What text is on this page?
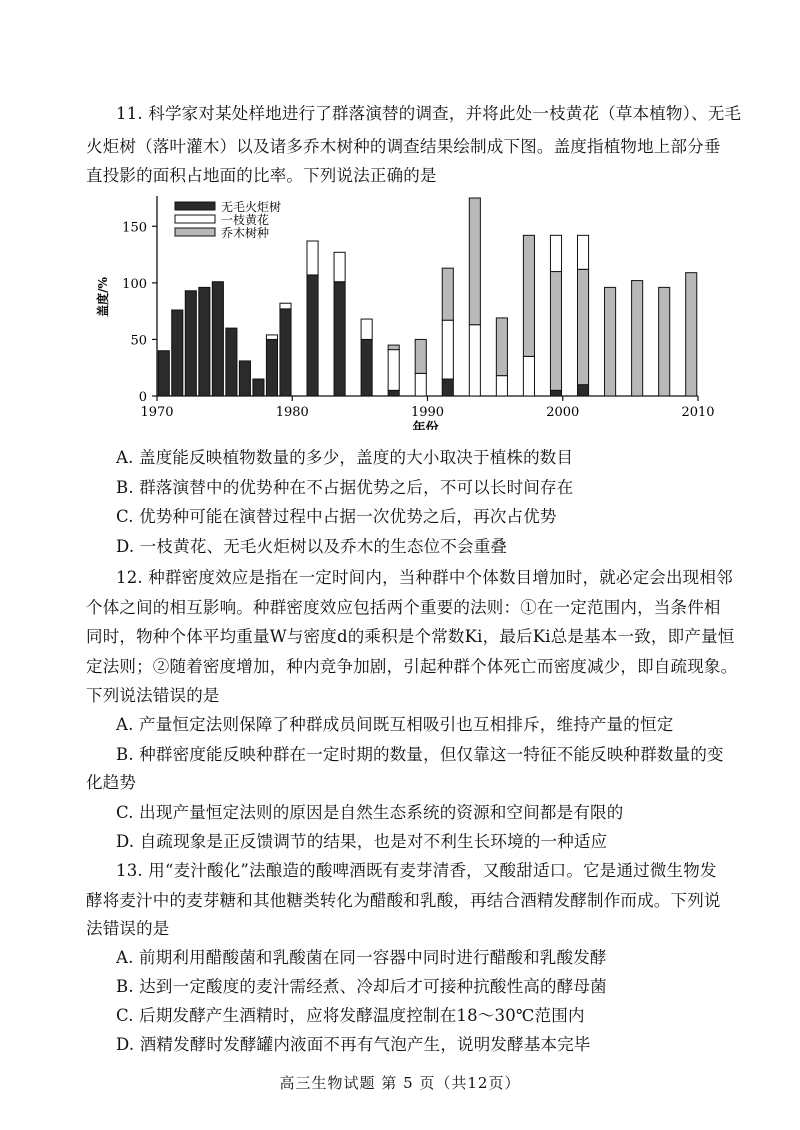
11. 科学家对某处样地进行了群落演替的调查，并将此处一枝黄花（草本植物）、无毛
火炬树（落叶灌木）以及诸多乔木树种的调查结果绘制成下图。盖度指植物地上部分垂
直投影的面积占地面的比率。下列说法正确的是
0
50
100
150
1970	1980	1990	2000	2010
年份
盖度/%
无毛火炬树
一枝黄花
乔木树种
A. 盖度能反映植物数量的多少，盖度的大小取决于植株的数目
B. 群落演替中的优势种在不占据优势之后，不可以长时间存在
C. 优势种可能在演替过程中占据一次优势之后，再次占优势
D. 一枝黄花、无毛火炬树以及乔木的生态位不会重叠
12. 种群密度效应是指在一定时间内，当种群中个体数目增加时，就必定会出现相邻
个体之间的相互影响。种群密度效应包括两个重要的法则：①在一定范围内，当条件相
同时，物种个体平均重量W与密度d的乘积是个常数Ki，最后Ki总是基本一致，即产量恒
定法则；②随着密度增加，种内竞争加剧，引起种群个体死亡而密度减少，即自疏现象。
下列说法错误的是
A. 产量恒定法则保障了种群成员间既互相吸引也互相排斥，维持产量的恒定
B. 种群密度能反映种群在一定时期的数量，但仅靠这一特征不能反映种群数量的变
化趋势
C. 出现产量恒定法则的原因是自然生态系统的资源和空间都是有限的
D. 自疏现象是正反馈调节的结果，也是对不利生长环境的一种适应
13. 用“麦汁酸化”法酿造的酸啤酒既有麦芽清香，又酸甜适口。它是通过微生物发
酵将麦汁中的麦芽糖和其他糖类转化为醋酸和乳酸，再结合酒精发酵制作而成。下列说
法错误的是
A. 前期利用醋酸菌和乳酸菌在同一容器中同时进行醋酸和乳酸发酵
B. 达到一定酸度的麦汁需经煮、冷却后才可接种抗酸性高的酵母菌
C. 后期发酵产生酒精时，应将发酵温度控制在18～30℃范围内
D. 酒精发酵时发酵罐内液面不再有气泡产生，说明发酵基本完毕
高三生物试题 第 5 页（共12页）
